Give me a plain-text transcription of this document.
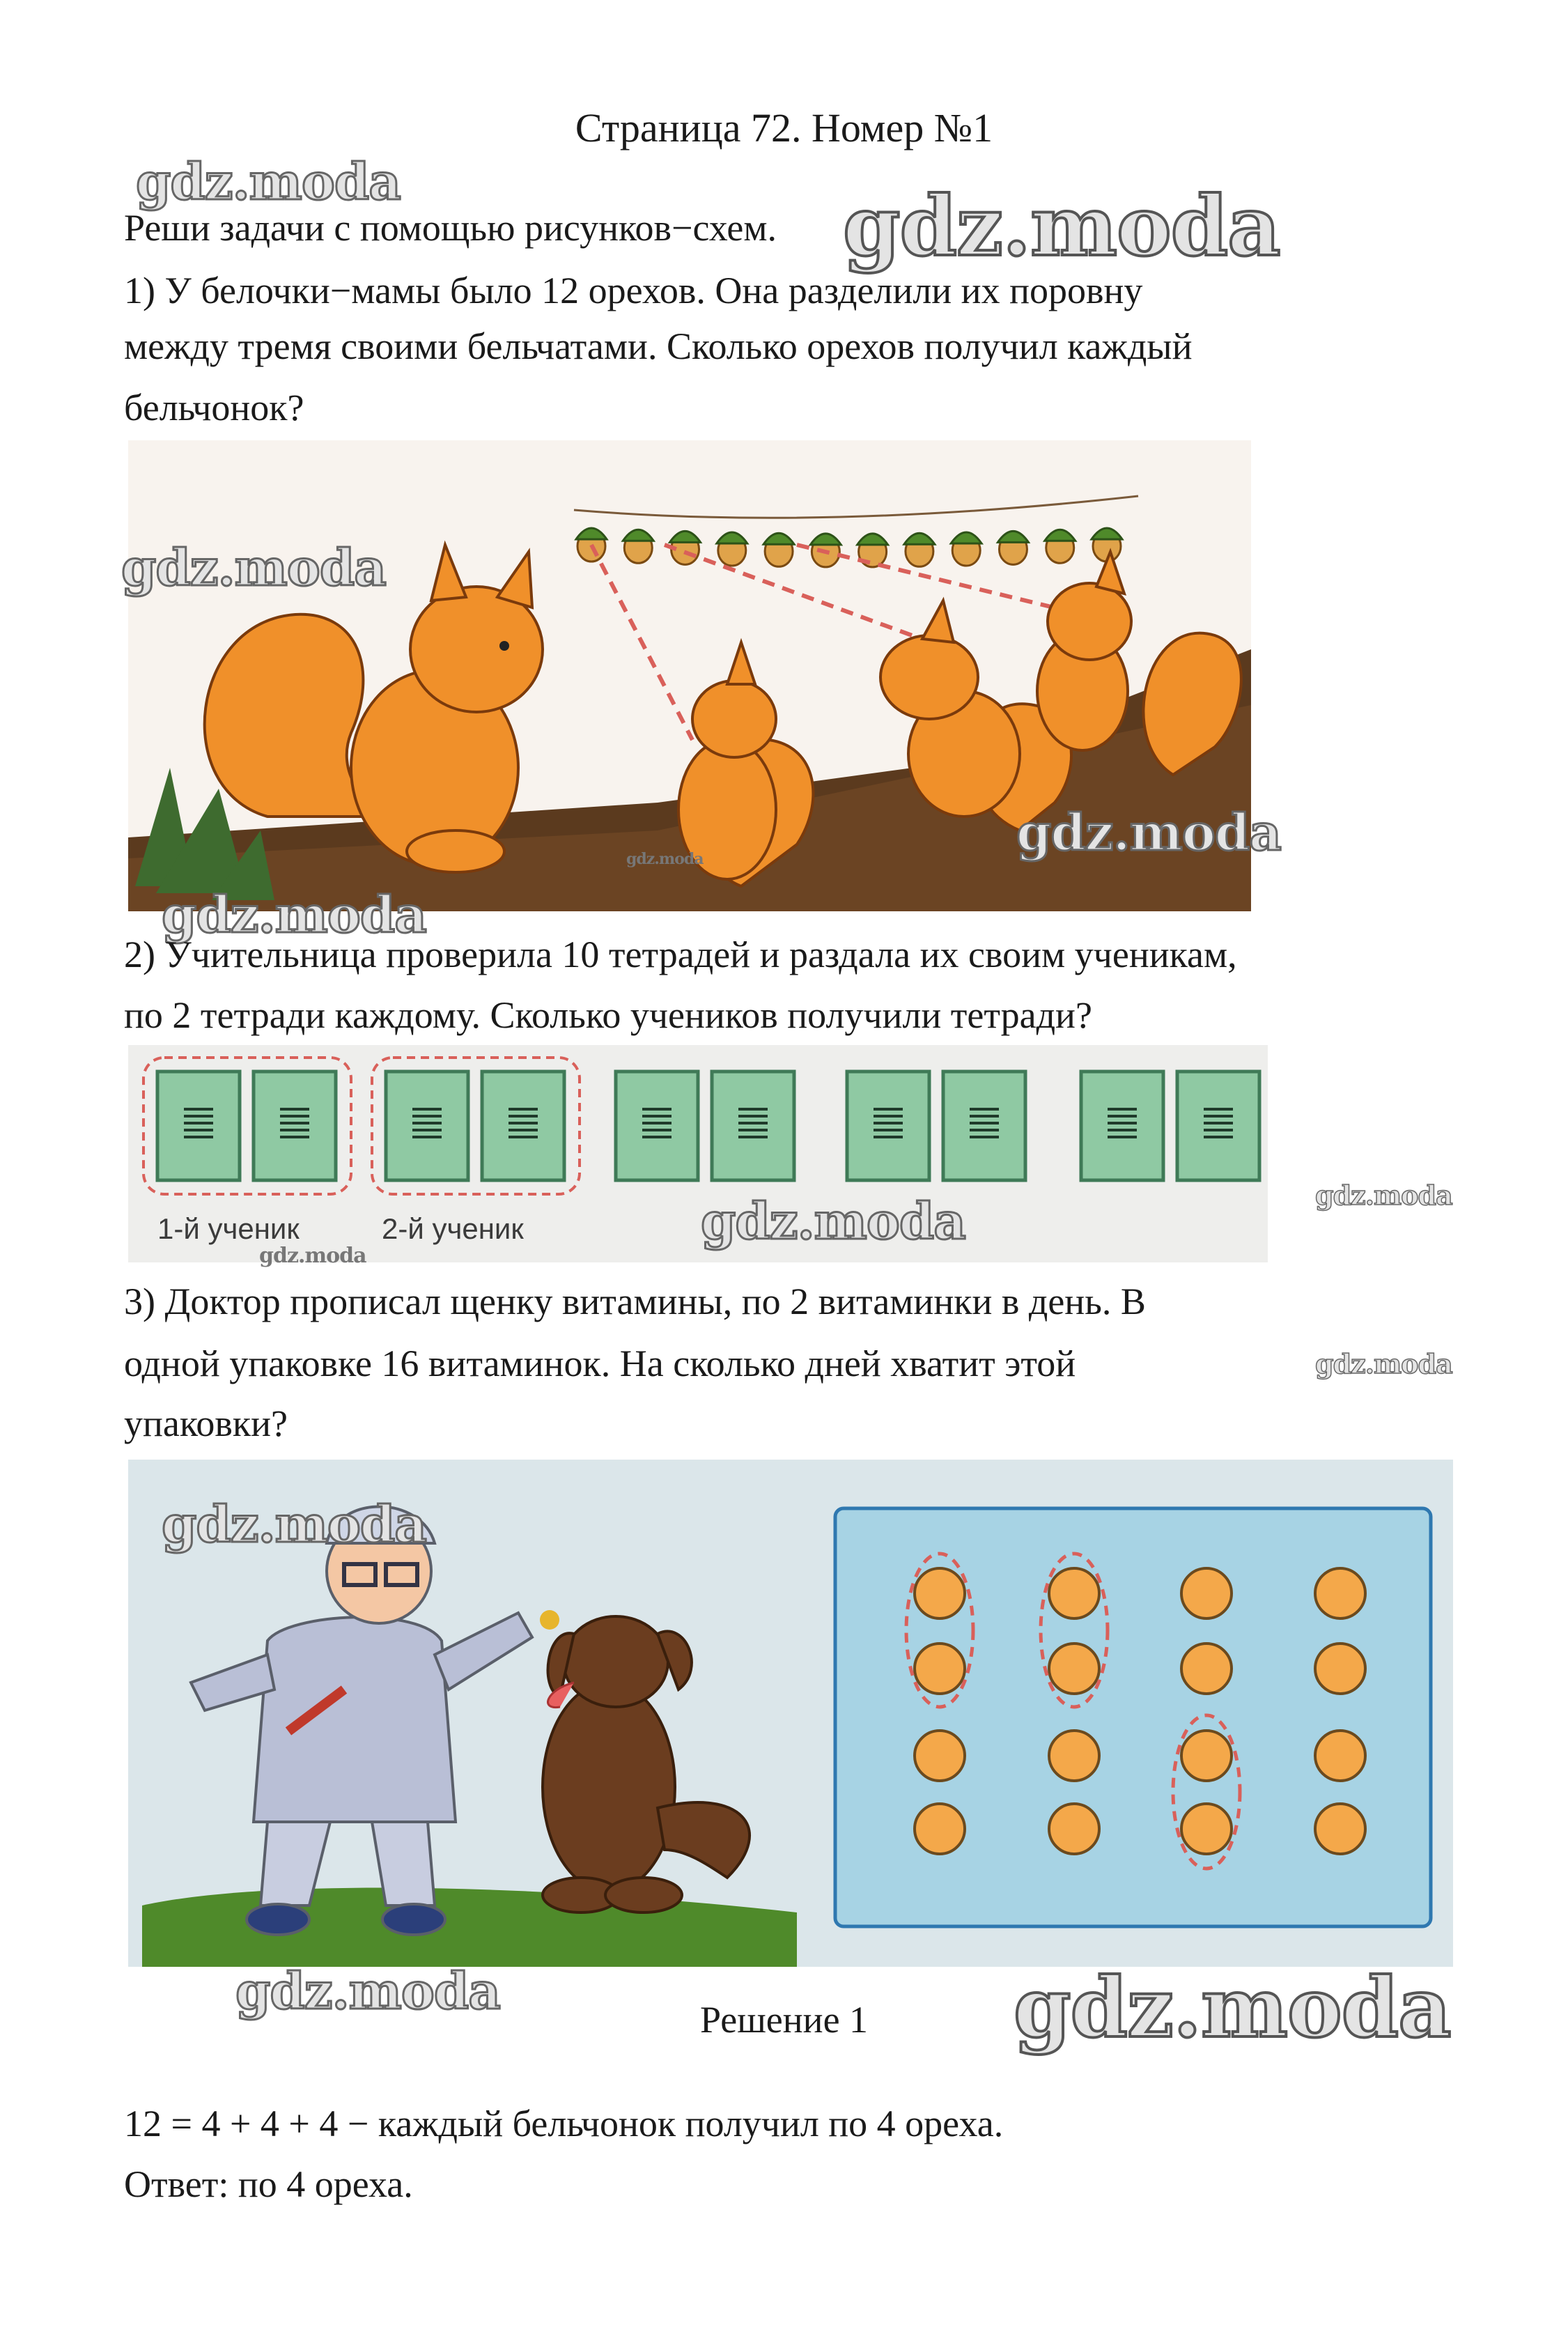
Страница 72. Номер №1
gdz.moda	gdz.moda
Реши задачи с помощью рисунков−схем.
1) У белочки−мамы было 12 орехов. Она разделили их поровну
между тремя своими бельчатами. Сколько орехов получил каждый
бельчонок?
gdz.moda
gdz.moda
gdz.moda
gdz.moda
2) Учительница проверила 10 тетрадей и раздала их своим ученикам,
по 2 тетради каждому. Сколько учеников получили тетради?
1-й ученик	2-й ученик	gdz.moda
gdz.moda
gdz.moda
3) Доктор прописал щенку витамины, по 2 витаминки в день. В
одной упаковке 16 витаминок. На сколько дней хватит этой
упаковки?
gdz.moda
gdz.moda
gdz.moda	gdz.moda
Решение 1
12 = 4 + 4 + 4 − каждый бельчонок получил по 4 ореха.
Ответ: по 4 ореха.
